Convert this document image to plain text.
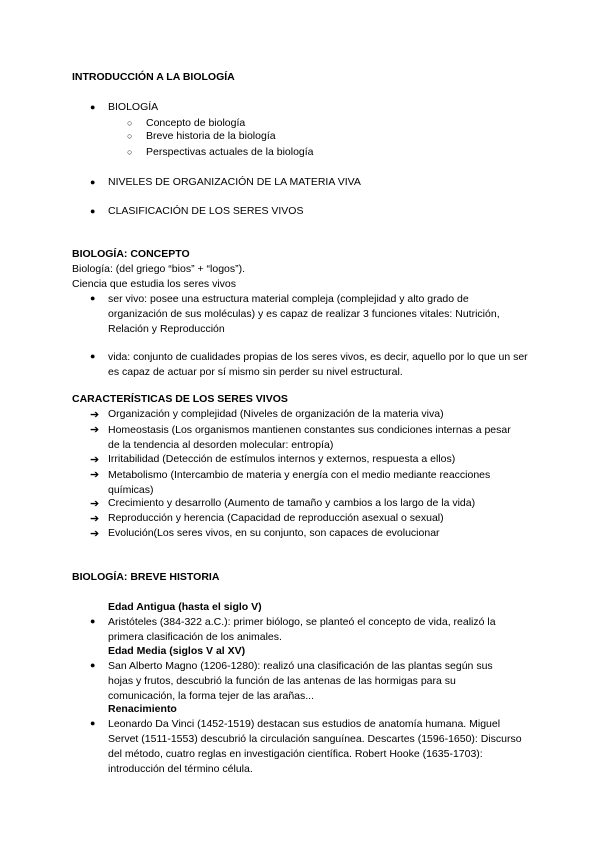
INTRODUCCIÓN A LA BIOLOGÍA
● BIOLOGÍA
○ Concepto de biología
○ Breve historia de la biología
○ Perspectivas actuales de la biología
● NIVELES DE ORGANIZACIÓN DE LA MATERIA VIVA
● CLASIFICACIÓN DE LOS SERES VIVOS
BIOLOGÍA: CONCEPTO
Biología: (del griego “bios” + “logos”).
Ciencia que estudia los seres vivos
● ser vivo: posee una estructura material compleja (complejidad y alto grado de organización de sus moléculas) y es capaz de realizar 3 funciones vitales: Nutrición, Relación y Reproducción
● vida: conjunto de cualidades propias de los seres vivos, es decir, aquello por lo que un ser es capaz de actuar por sí mismo sin perder su nivel estructural.
CARACTERÍSTICAS DE LOS SERES VIVOS
➔ Organización y complejidad (Niveles de organización de la materia viva)
➔ Homeostasis (Los organismos mantienen constantes sus condiciones internas a pesar de la tendencia al desorden molecular: entropía)
➔ Irritabilidad (Detección de estímulos internos y externos, respuesta a ellos)
➔ Metabolismo (Intercambio de materia y energía con el medio mediante reacciones químicas)
➔ Crecimiento y desarrollo (Aumento de tamaño y cambios a los largo de la vida)
➔ Reproducción y herencia (Capacidad de reproducción asexual o sexual)
➔ Evolución(Los seres vivos, en su conjunto, son capaces de evolucionar
BIOLOGÍA: BREVE HISTORIA
Edad Antigua (hasta el siglo V)
● Aristóteles (384-322 a.C.): primer biólogo, se planteó el concepto de vida, realizó la primera clasificación de los animales.
Edad Media (siglos V al XV)
● San Alberto Magno (1206-1280): realizó una clasificación de las plantas según sus hojas y frutos, descubrió la función de las antenas de las hormigas para su comunicación, la forma tejer de las arañas...
Renacimiento
● Leonardo Da Vinci (1452-1519) destacan sus estudios de anatomía humana. Miguel Servet (1511-1553) descubrió la circulación sanguínea. Descartes (1596-1650): Discurso del método, cuatro reglas en investigación científica. Robert Hooke (1635-1703): introducción del término célula.
